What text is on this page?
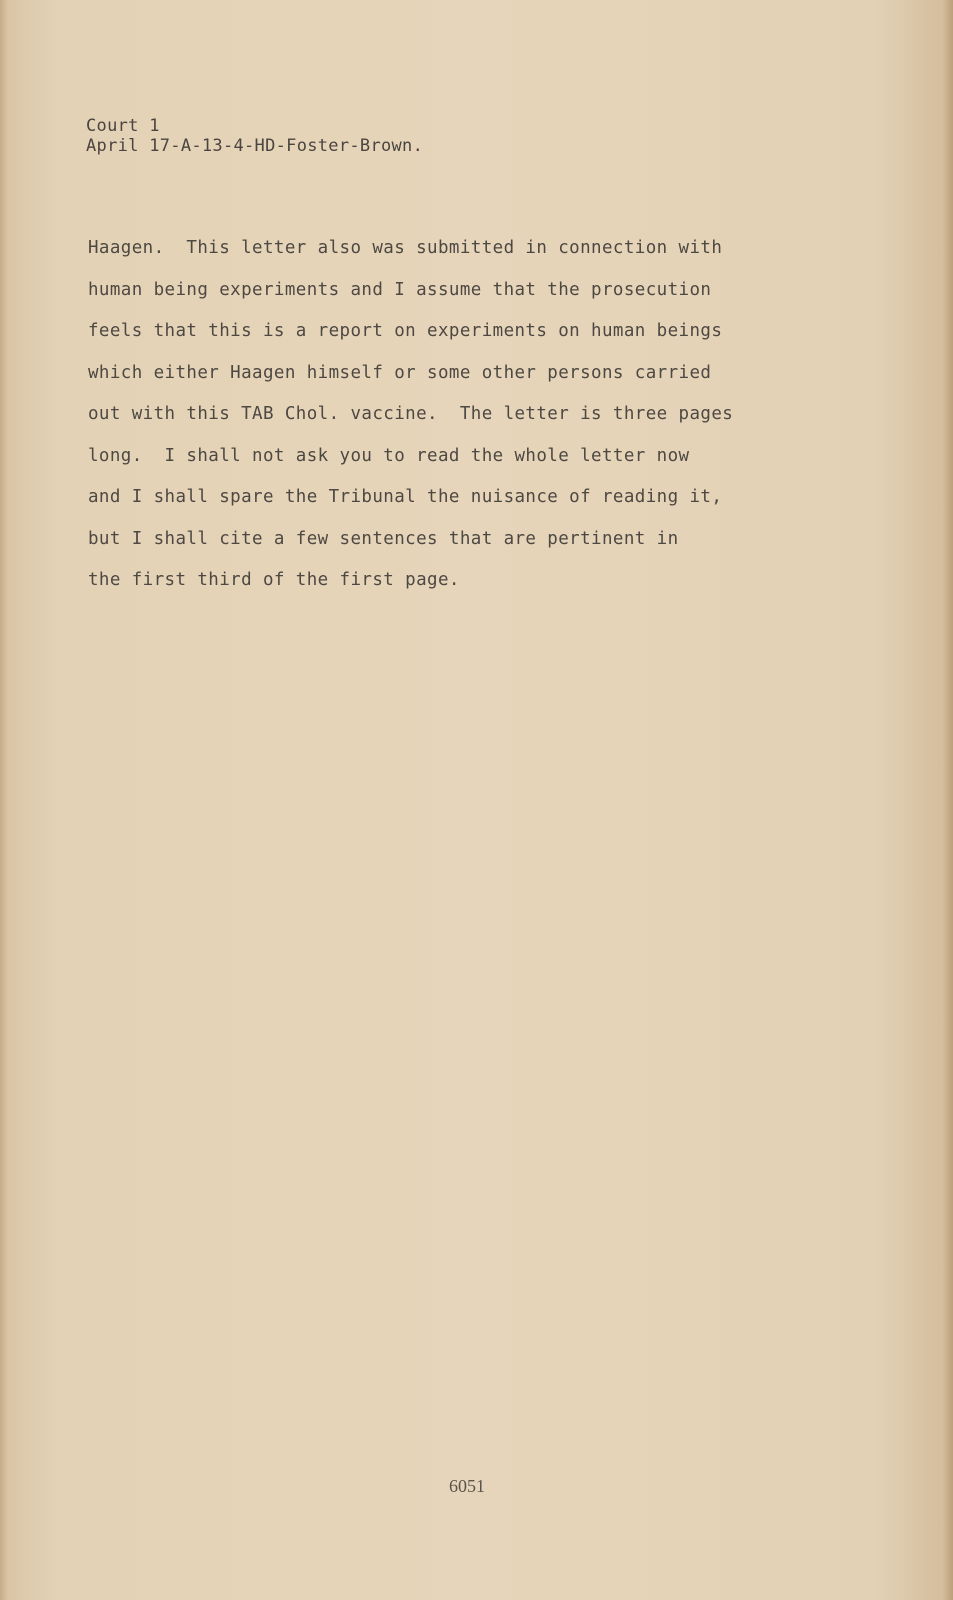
Court 1
April 17-A-13-4-HD-Foster-Brown.
Haagen.  This letter also was submitted in connection with
human being experiments and I assume that the prosecution
feels that this is a report on experiments on human beings
which either Haagen himself or some other persons carried
out with this TAB Chol. vaccine.  The letter is three pages
long.  I shall not ask you to read the whole letter now
and I shall spare the Tribunal the nuisance of reading it,
but I shall cite a few sentences that are pertinent in
the first third of the first page.
6051
